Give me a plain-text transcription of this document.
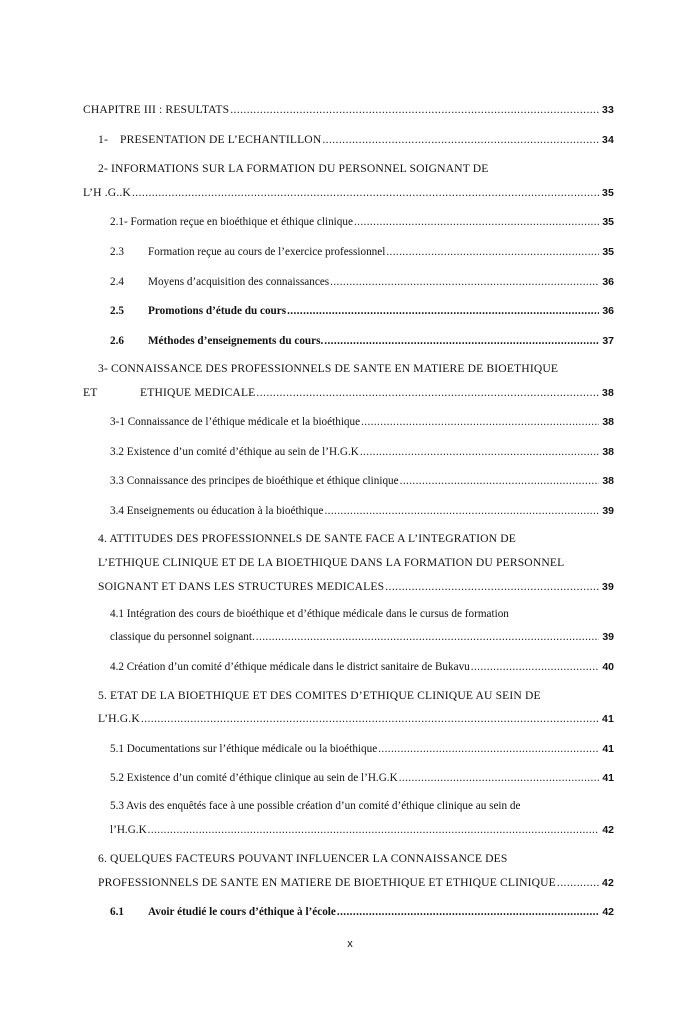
CHAPITRE III : RESULTATS .....	33
1-	PRESENTATION DE L’ECHANTILLON .....	34
2- INFORMATIONS SUR LA FORMATION DU PERSONNEL SOIGNANT DE
L’H .G..K .....	35
2.1- Formation reçue en bioéthique et éthique clinique .....	35
2.3	Formation reçue au cours de l’exercice professionnel .....	35
2.4	Moyens d’acquisition des connaissances .....	36
2.5	Promotions d’étude du cours .....	36
2.6	Méthodes d’enseignements du cours. .....	37
3- CONNAISSANCE DES PROFESSIONNELS DE SANTE EN MATIERE DE BIOETHIQUE
ET	ETHIQUE MEDICALE .....	38
3-1 Connaissance de l’éthique médicale et la bioéthique .....	38
3.2 Existence d’un comité d’éthique au sein de l’H.G.K .....	38
3.3 Connaissance des principes de bioéthique et éthique clinique .....	38
3.4 Enseignements ou éducation à la bioéthique .....	39
4. ATTITUDES DES PROFESSIONNELS DE SANTE FACE A L’INTEGRATION DE
L’ETHIQUE CLINIQUE ET DE LA BIOETHIQUE DANS LA FORMATION DU PERSONNEL
SOIGNANT ET DANS LES STRUCTURES MEDICALES .....	39
4.1 Intégration des cours de bioéthique et d’éthique médicale dans le cursus de formation
classique du personnel soignant. .....	39
4.2 Création d’un comité d’éthique médicale dans le district sanitaire de Bukavu .....	40
5. ETAT DE LA BIOETHIQUE ET DES COMITES D’ETHIQUE CLINIQUE AU SEIN DE
L’H.G.K .....	41
5.1 Documentations sur l’éthique médicale ou la bioéthique .....	41
5.2 Existence d’un comité d’éthique clinique au sein de l’H.G.K .....	41
5.3 Avis des enquêtés face à une possible création d’un comité d’éthique clinique au sein de
l’H.G.K .....	42
6. QUELQUES FACTEURS POUVANT INFLUENCER LA CONNAISSANCE DES
PROFESSIONNELS DE SANTE EN MATIERE DE BIOETHIQUE ET ETHIQUE CLINIQUE .....	42
6.1	Avoir étudié le cours d’éthique à l’école .....	42
x
